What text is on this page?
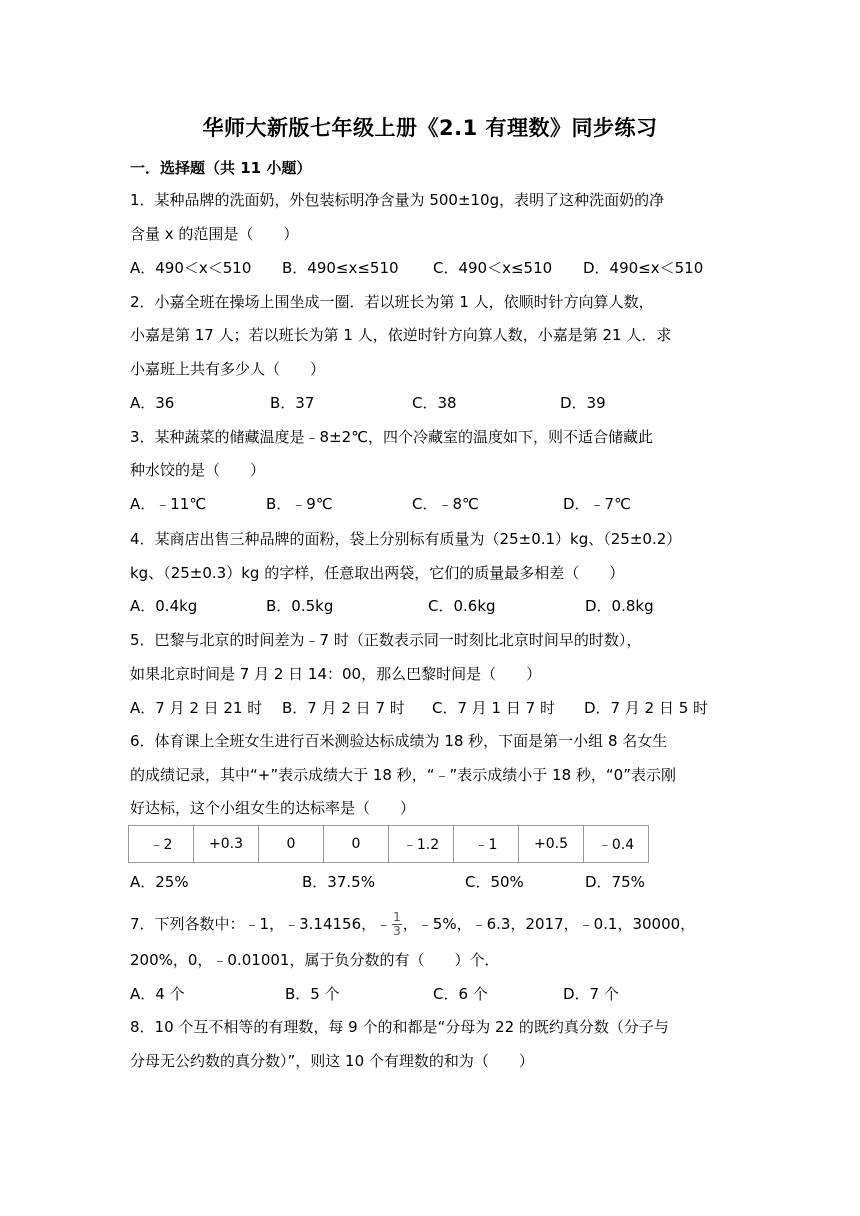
华师大新版七年级上册《2.1 有理数》同步练习
一．选择题（共 11 小题）
1．某种品牌的洗面奶，外包装标明净含量为 500±10g，表明了这种洗面奶的净
含量 x 的范围是（　　）
A．490＜x＜510 B．490≤x≤510 C．490＜x≤510 D．490≤x＜510
2．小嘉全班在操场上围坐成一圈．若以班长为第 1 人，依顺时针方向算人数，
小嘉是第 17 人；若以班长为第 1 人，依逆时针方向算人数，小嘉是第 21 人．求
小嘉班上共有多少人（　　）
A．36	B．37	C．38	D．39
3．某种蔬菜的储藏温度是﹣8±2℃，四个冷藏室的温度如下，则不适合储藏此
种水饺的是（　　）
A．﹣11℃	B．﹣9℃	C．﹣8℃	D．﹣7℃
4．某商店出售三种品牌的面粉，袋上分别标有质量为（25±0.1）kg、（25±0.2）
kg、（25±0.3）kg 的字样，任意取出两袋，它们的质量最多相差（　　）
A．0.4kg	B．0.5kg	C．0.6kg	D．0.8kg
5．巴黎与北京的时间差为﹣7 时（正数表示同一时刻比北京时间早的时数），
如果北京时间是 7 月 2 日 14：00，那么巴黎时间是（　　）
A．7 月 2 日 21 时 B．7 月 2 日 7 时 C．7 月 1 日 7 时 D．7 月 2 日 5 时
6．体育课上全班女生进行百米测验达标成绩为 18 秒，下面是第一小组 8 名女生
的成绩记录，其中“+”表示成绩大于 18 秒，“﹣”表示成绩小于 18 秒，“0”表示刚
好达标，这个小组女生的达标率是（　　）
﹣2	+0.3	0	0	﹣1.2	﹣1	+0.5	﹣0.4
A．25%	B．37.5%	C．50%	D．75%
7．下列各数中：﹣1，﹣3.14156，﹣ $\frac{1}{3}$ ，﹣5%，﹣6.3，2017，﹣0.1，30000，
200%，0，﹣0.01001，属于负分数的有（　　）个．
A．4 个	B．5 个	C．6 个	D．7 个
8．10 个互不相等的有理数，每 9 个的和都是“分母为 22 的既约真分数（分子与
分母无公约数的真分数）”，则这 10 个有理数的和为（　　）
